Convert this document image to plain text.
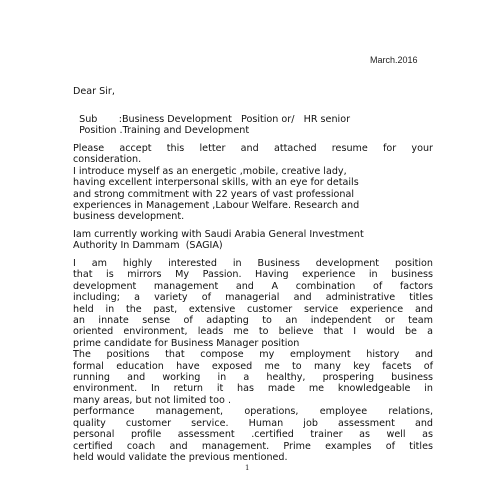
March.2016
Dear Sir,
Sub       :Business Development   Position or/   HR senior
Position .Training and Development
Please accept this letter and attached resume for your
consideration.
I introduce myself as an energetic ,mobile, creative lady,
having excellent interpersonal skills, with an eye for details
and strong commitment with 22 years of vast professional
experiences in Management ,Labour Welfare. Research and
business development.
Iam currently working with Saudi Arabia General Investment
Authority In Dammam  (SAGIA)
I am highly interested in Business development position
that is mirrors My Passion. Having experience in business
development management and A combination of factors
including; a variety of managerial and administrative titles
held in the past, extensive customer service experience and
an innate sense of adapting to an independent or team
oriented environment, leads me to believe that I would be a
prime candidate for Business Manager position
The positions that compose my employment history and
formal education have exposed me to many key facets of
running and working in a healthy, prospering business
environment. In return it has made me knowledgeable in
many areas, but not limited too .
performance management, operations, employee relations,
quality customer service. Human job assessment and
personal profile assessment .certified trainer as well as
certified coach and management. Prime examples of titles
held would validate the previous mentioned.
1
